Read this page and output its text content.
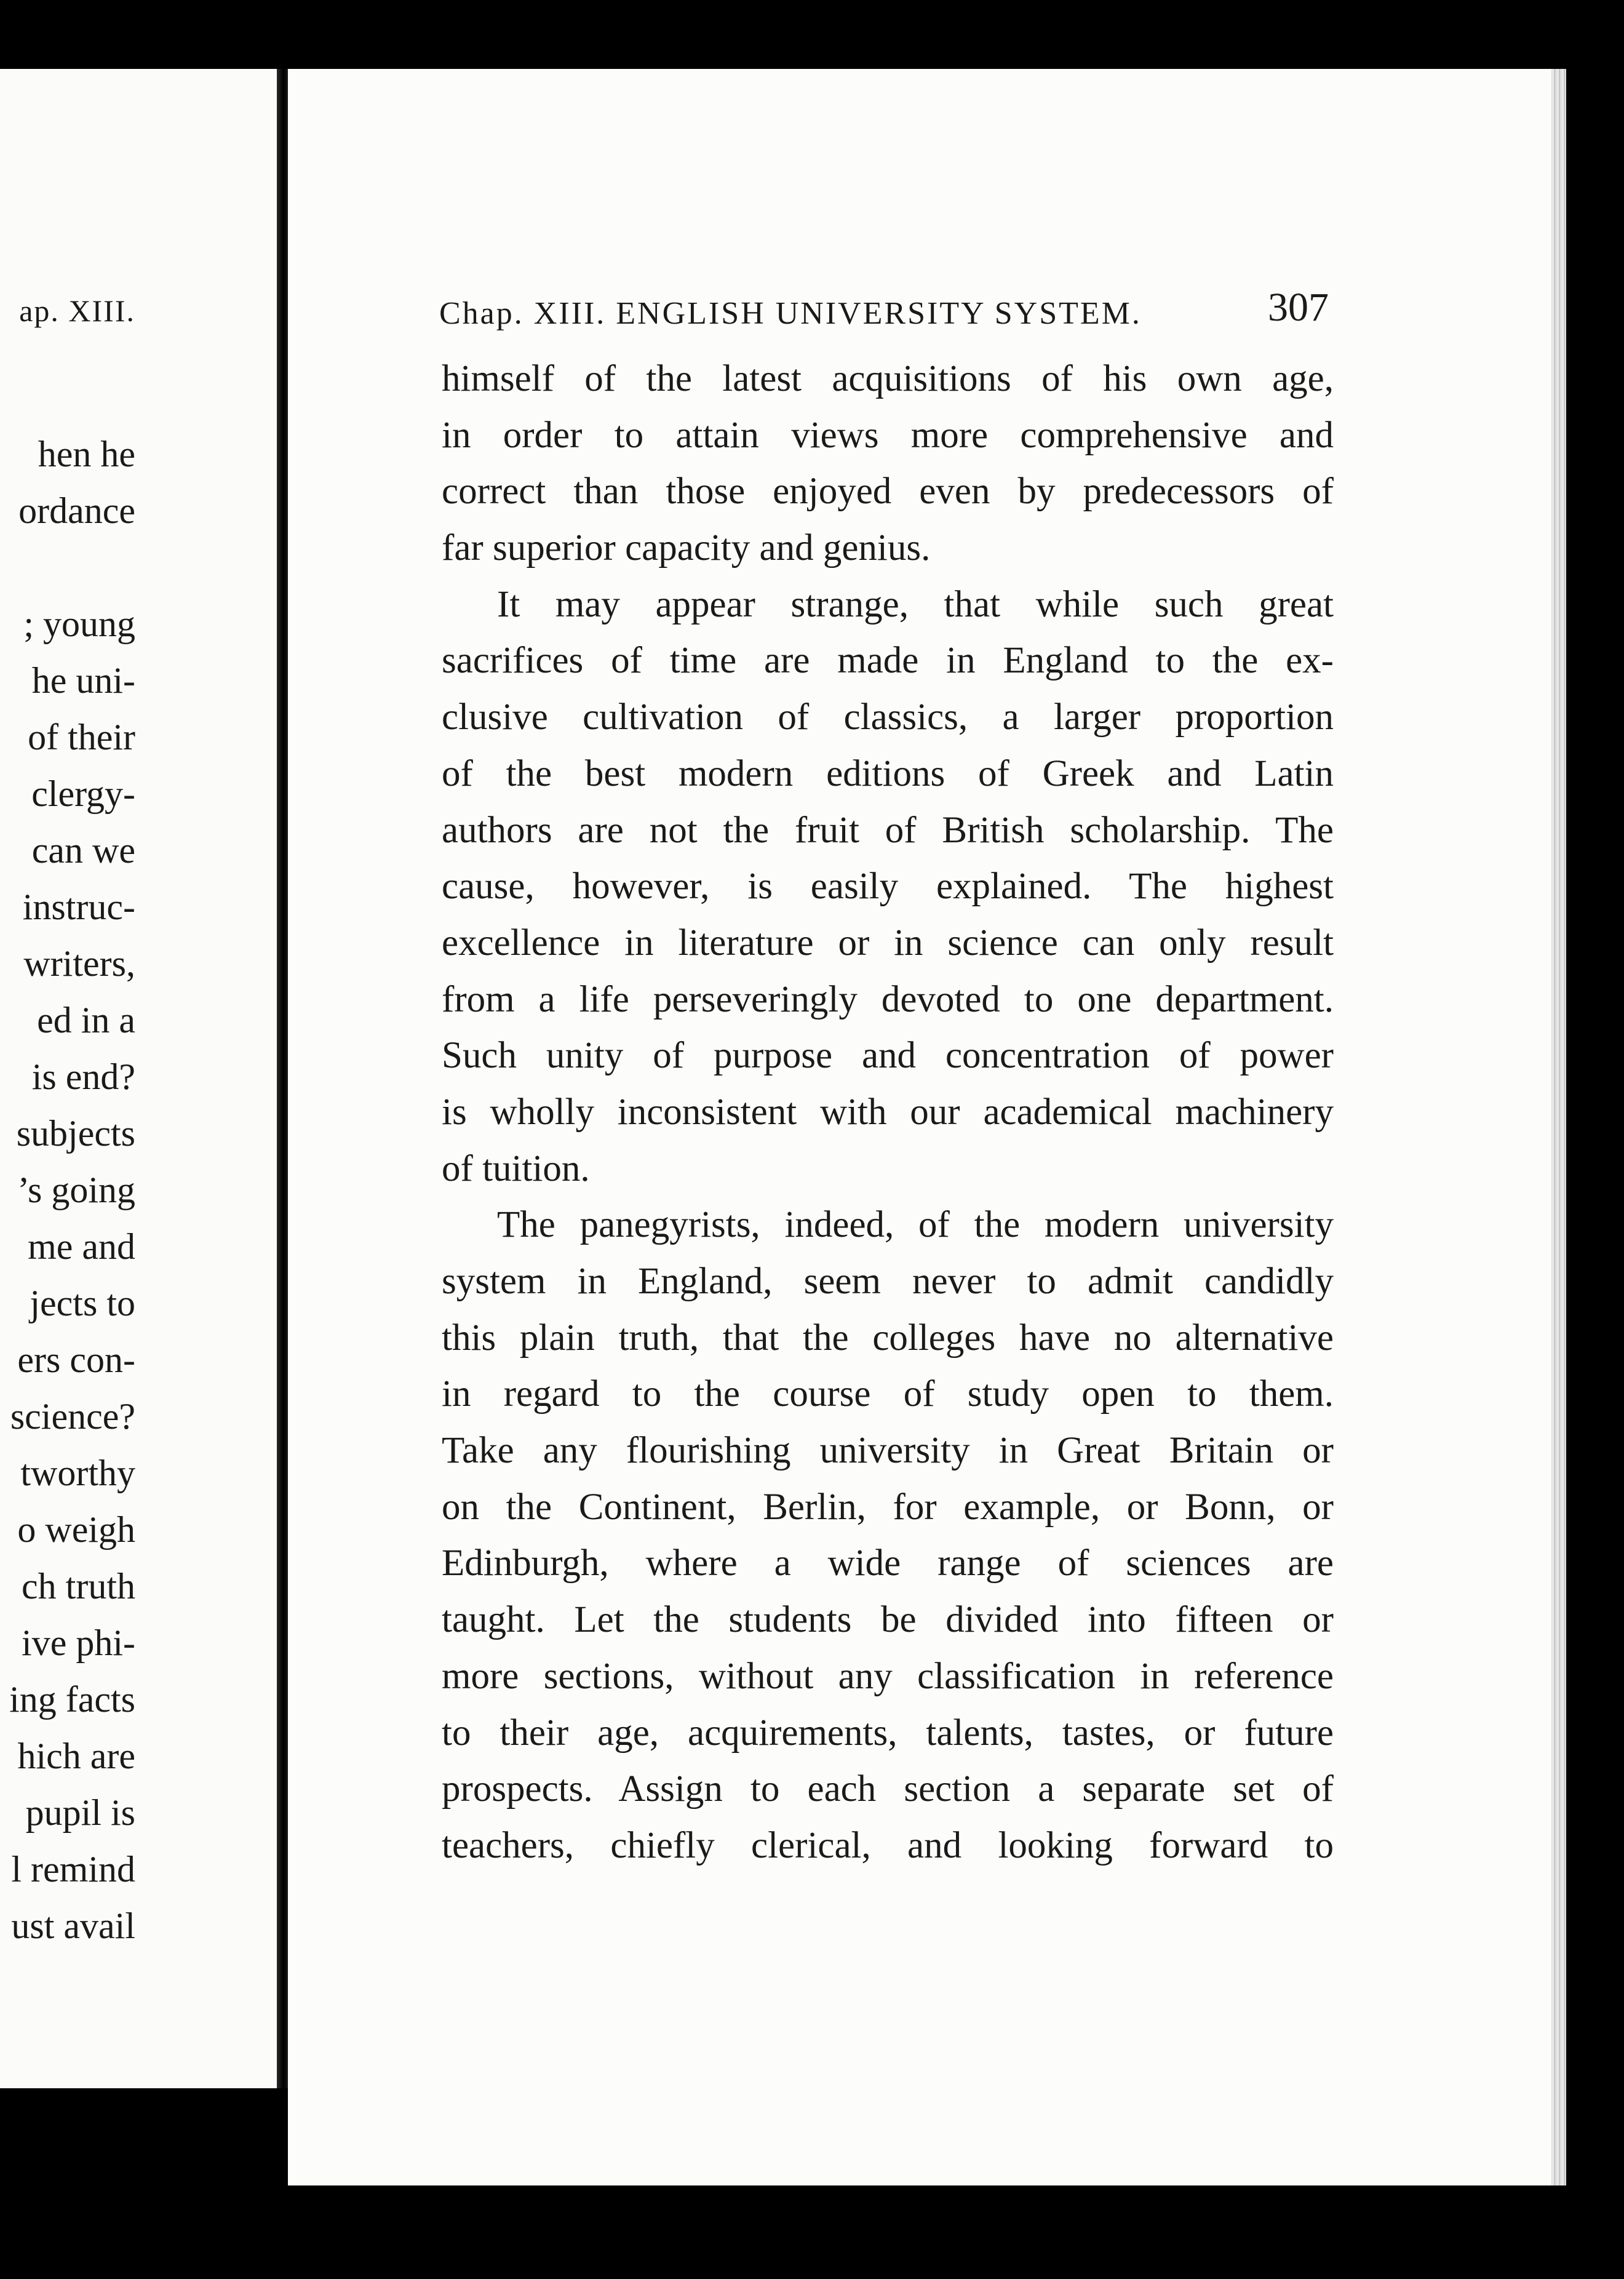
ap. XIII.
hen he
ordance
; young
he uni-
of their
clergy-
can we
instruc-
writers,
ed in a
is end?
subjects
’s going
me and
jects to
ers con-
science?
tworthy
o weigh
ch truth
ive phi-
ing facts
hich are
pupil is
l remind
ust avail
Chap. XIII. ENGLISH UNIVERSITY SYSTEM.	307
himself of the latest acquisitions of his own age,
in order to attain views more comprehensive and
correct than those enjoyed even by predecessors of
far superior capacity and genius.
It may appear strange, that while such great
sacrifices of time are made in England to the ex-
clusive cultivation of classics, a larger proportion
of the best modern editions of Greek and Latin
authors are not the fruit of British scholarship. The
cause, however, is easily explained. The highest
excellence in literature or in science can only result
from a life perseveringly devoted to one department.
Such unity of purpose and concentration of power
is wholly inconsistent with our academical machinery
of tuition.
The panegyrists, indeed, of the modern university
system in England, seem never to admit candidly
this plain truth, that the colleges have no alternative
in regard to the course of study open to them.
Take any flourishing university in Great Britain or
on the Continent, Berlin, for example, or Bonn, or
Edinburgh, where a wide range of sciences are
taught. Let the students be divided into fifteen or
more sections, without any classification in reference
to their age, acquirements, talents, tastes, or future
prospects. Assign to each section a separate set of
teachers, chiefly clerical, and looking forward to
